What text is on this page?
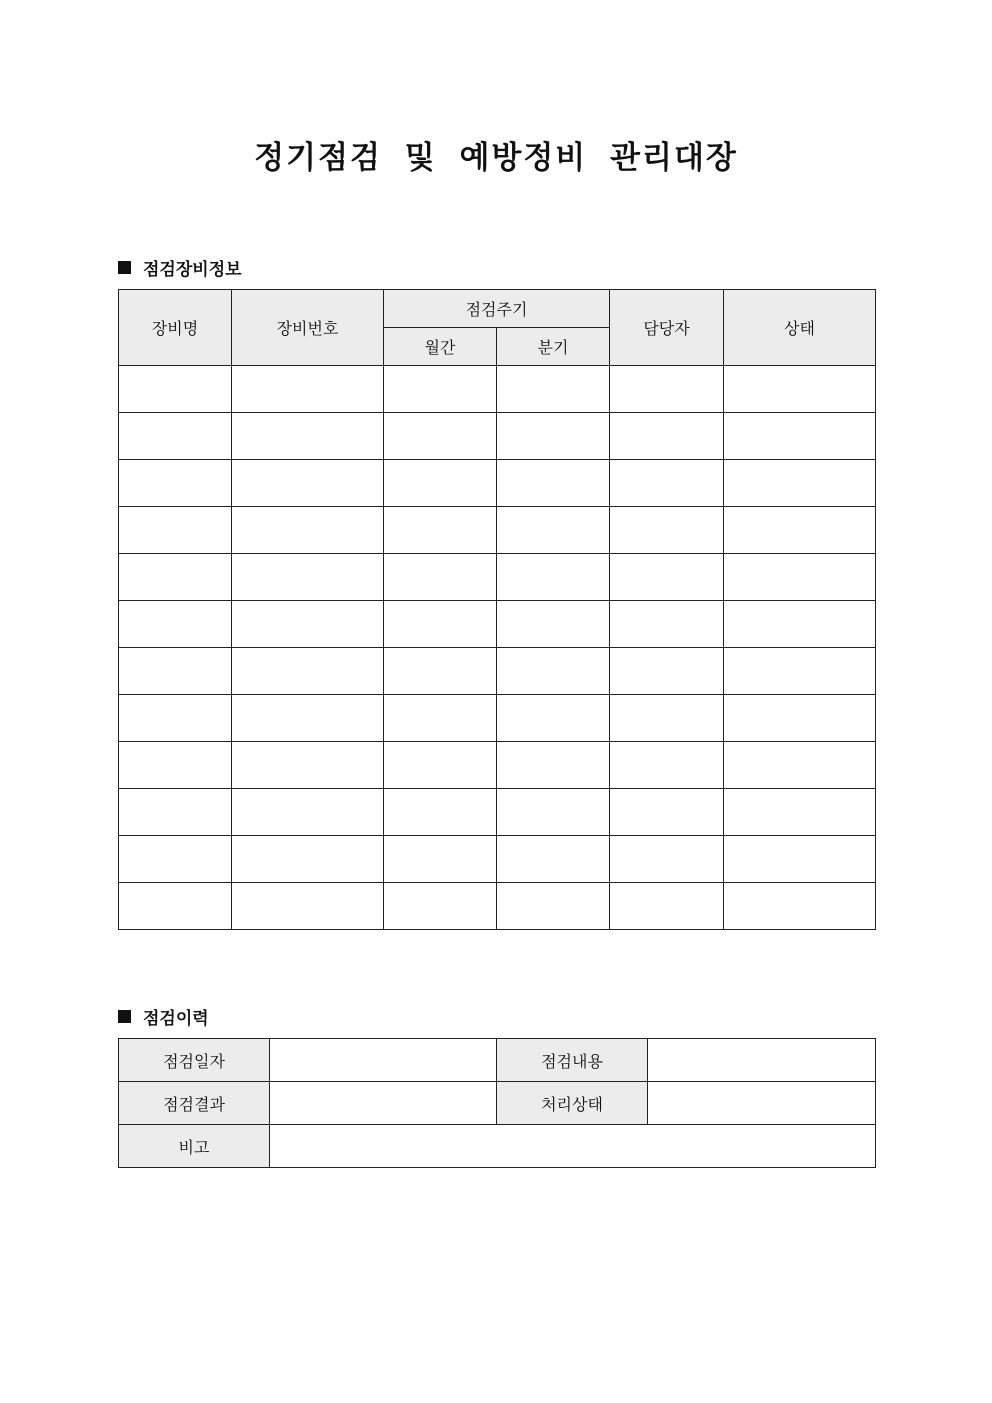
정기점검 및 예방정비 관리대장
점검장비정보
장비명	장비번호	점검주기		담당자	상태
		월간	분기		

점검이력
점검일자		점검내용	
점검결과		처리상태	
비고			
